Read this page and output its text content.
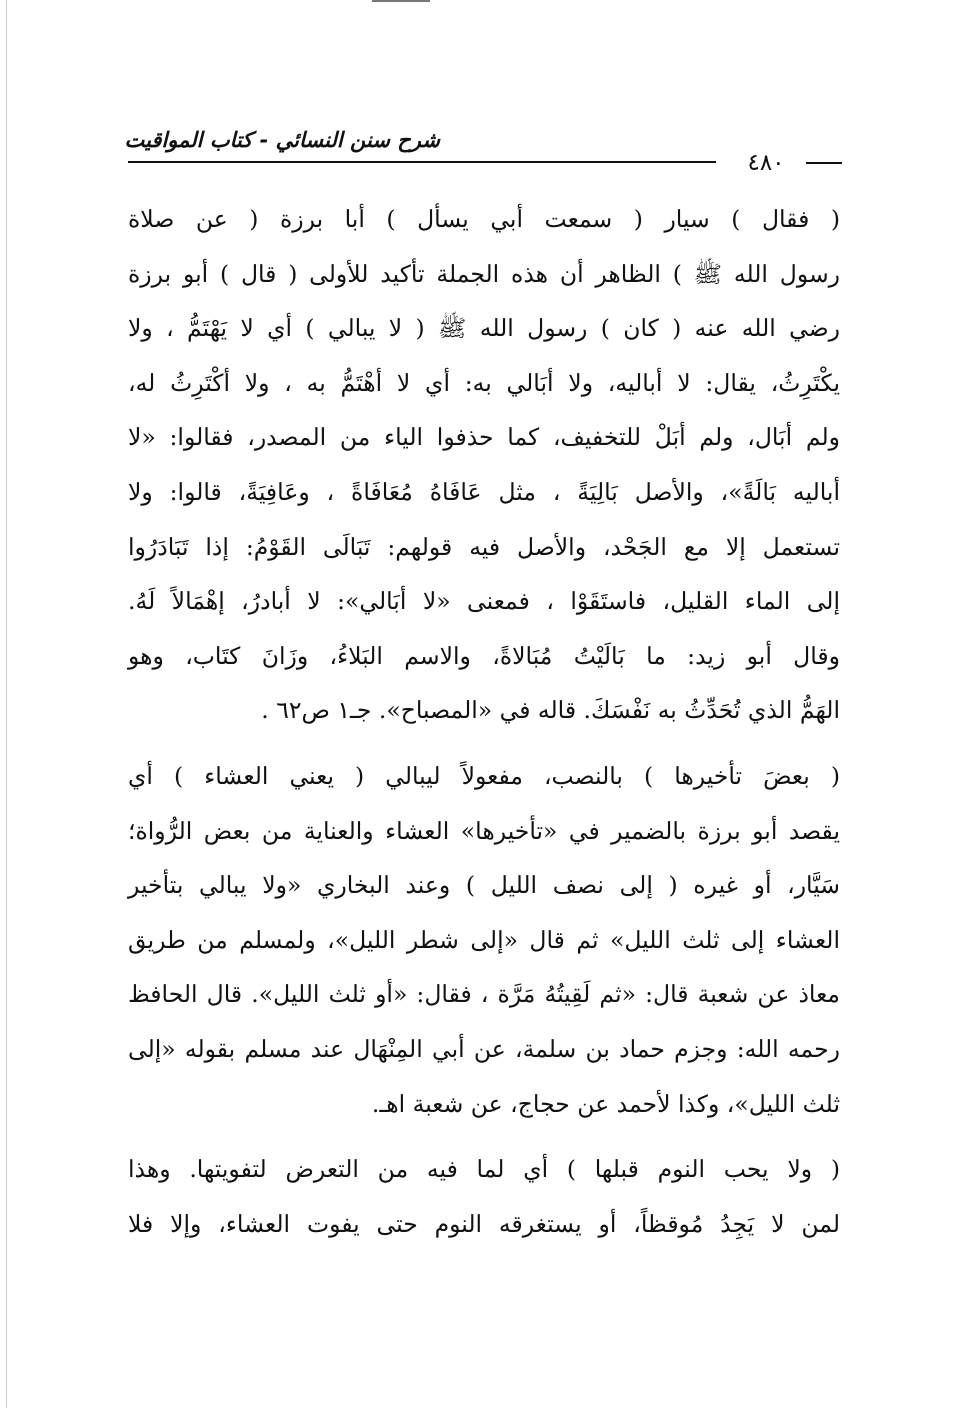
شرح سنن النسائي - كتاب المواقيت
٤٨٠
( فقال ) سيار ( سمعت أبي يسأل ) أبا برزة ( عن صلاة
رسول الله ﷺ ) الظاهر أن هذه الجملة تأكيد للأولى ( قال ) أبو برزة
رضي الله عنه ( كان ) رسول الله ﷺ ( لا يبالي ) أي لا يَهْتَمُّ ، ولا
يكْتَرِثُ، يقال: لا أباليه، ولا أبَالي به: أي لا أهْتَمُّ به ، ولا أكْتَرِثُ له،
ولم أبَال، ولم أبَلْ للتخفيف، كما حذفوا الياء من المصدر، فقالوا: «لا
أباليه بَالَةً»، والأصل بَالِيَةً ، مثل عَافَاهُ مُعَافَاةً ، وعَافِيَةً، قالوا: ولا
تستعمل إلا مع الجَحْد، والأصل فيه قولهم: تَبَالَى القَوْمُ: إذا تَبَادَرُوا
إلى الماء القليل، فاستَقَوْا ، فمعنى «لا أبَالي»: لا أبادرُ، إهْمَالاً لَهُ.
وقال أبو زيد: ما بَالَيْتُ مُبَالاةً، والاسم البَلاءُ، وزَانَ كتَاب، وهو
الهَمُّ الذي تُحَدِّثُ به نَفْسَكَ. قاله في «المصباح». جـ١ ص٦٢ .
( بعضَ تأخيرها ) بالنصب، مفعولاً ليبالي ( يعني العشاء ) أي
يقصد أبو برزة بالضمير في «تأخيرها» العشاء والعناية من بعض الرُّواة؛
سَيَّار، أو غيره ( إلى نصف الليل ) وعند البخاري «ولا يبالي بتأخير
العشاء إلى ثلث الليل» ثم قال «إلى شطر الليل»، ولمسلم من طريق
معاذ عن شعبة قال: «ثم لَقِيتُهُ مَرَّة ، فقال: «أو ثلث الليل». قال الحافظ
رحمه الله: وجزم حماد بن سلمة، عن أبي المِنْهَال عند مسلم بقوله «إلى
ثلث الليل»، وكذا لأحمد عن حجاج، عن شعبة اهـ.
( ولا يحب النوم قبلها ) أي لما فيه من التعرض لتفويتها. وهذا
لمن لا يَجِدُ مُوقظاً، أو يستغرقه النوم حتى يفوت العشاء، وإلا فلا
